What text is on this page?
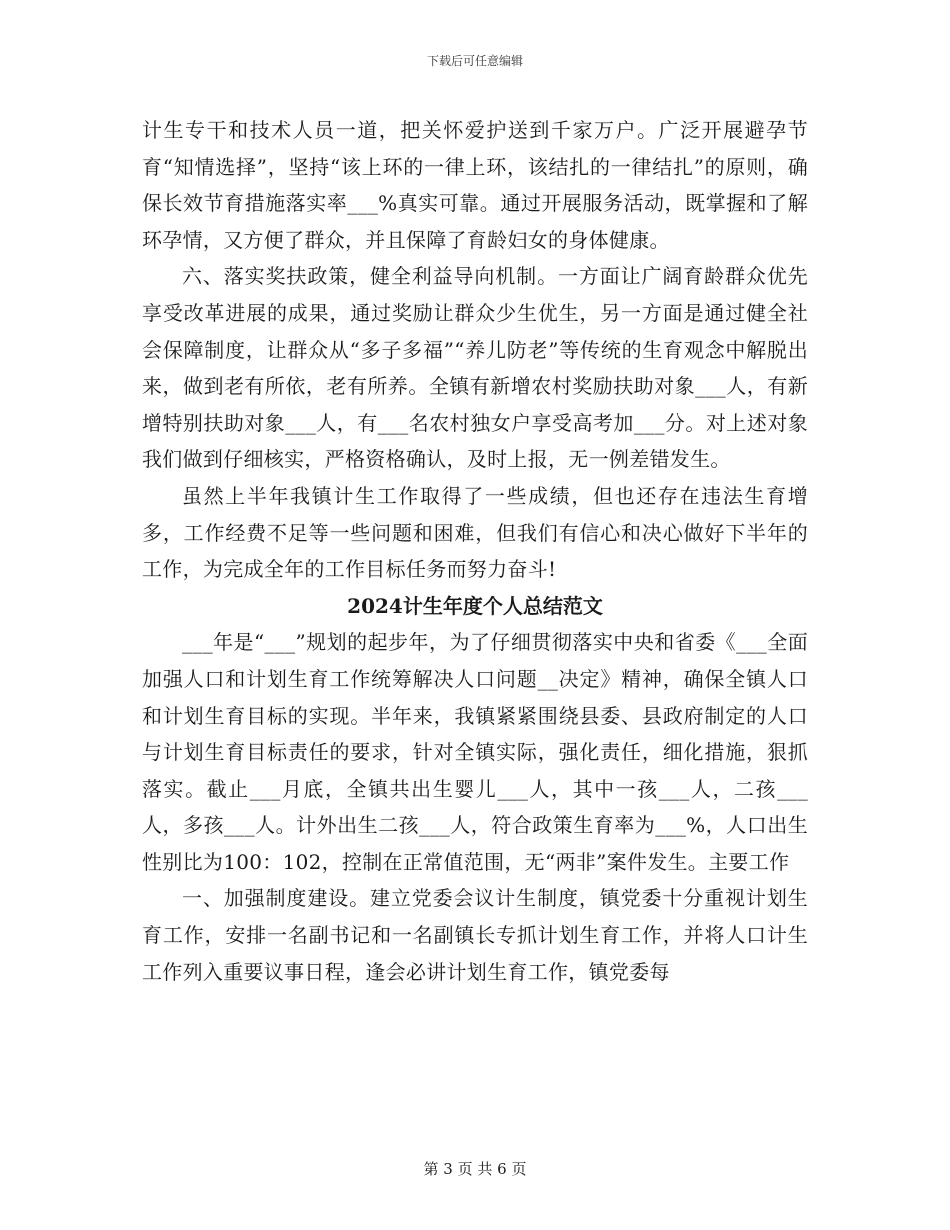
下载后可任意编辑

计生专干和技术人员一道，把关怀爱护送到千家万户。广泛开展避孕节育“知情选择”，坚持“该上环的一律上环，该结扎的一律结扎”的原则，确保长效节育措施落实率___%真实可靠。通过开展服务活动，既掌握和了解环孕情，又方便了群众，并且保障了育龄妇女的身体健康。

六、落实奖扶政策，健全利益导向机制。一方面让广阔育龄群众优先享受改革进展的成果，通过奖励让群众少生优生，另一方面是通过健全社会保障制度，让群众从“多子多福”“养儿防老”等传统的生育观念中解脱出来，做到老有所依，老有所养。全镇有新增农村奖励扶助对象___人，有新增特别扶助对象___人，有___名农村独女户享受高考加___分。对上述对象我们做到仔细核实，严格资格确认，及时上报，无一例差错发生。

虽然上半年我镇计生工作取得了一些成绩，但也还存在违法生育增多，工作经费不足等一些问题和困难，但我们有信心和决心做好下半年的工作，为完成全年的工作目标任务而努力奋斗!

2024计生年度个人总结范文

___年是“___”规划的起步年，为了仔细贯彻落实中央和省委《___全面加强人口和计划生育工作统筹解决人口问题__决定》精神，确保全镇人口和计划生育目标的实现。半年来，我镇紧紧围绕县委、县政府制定的人口与计划生育目标责任的要求，针对全镇实际，强化责任，细化措施，狠抓落实。截止___月底，全镇共出生婴儿___人，其中一孩___人，二孩___人，多孩___人。计外出生二孩___人，符合政策生育率为___%，人口出生性别比为100：102，控制在正常值范围，无“两非”案件发生。主要工作

一、加强制度建设。建立党委会议计生制度，镇党委十分重视计划生育工作，安排一名副书记和一名副镇长专抓计划生育工作，并将人口计生工作列入重要议事日程，逢会必讲计划生育工作，镇党委每

第 3 页 共 6 页
